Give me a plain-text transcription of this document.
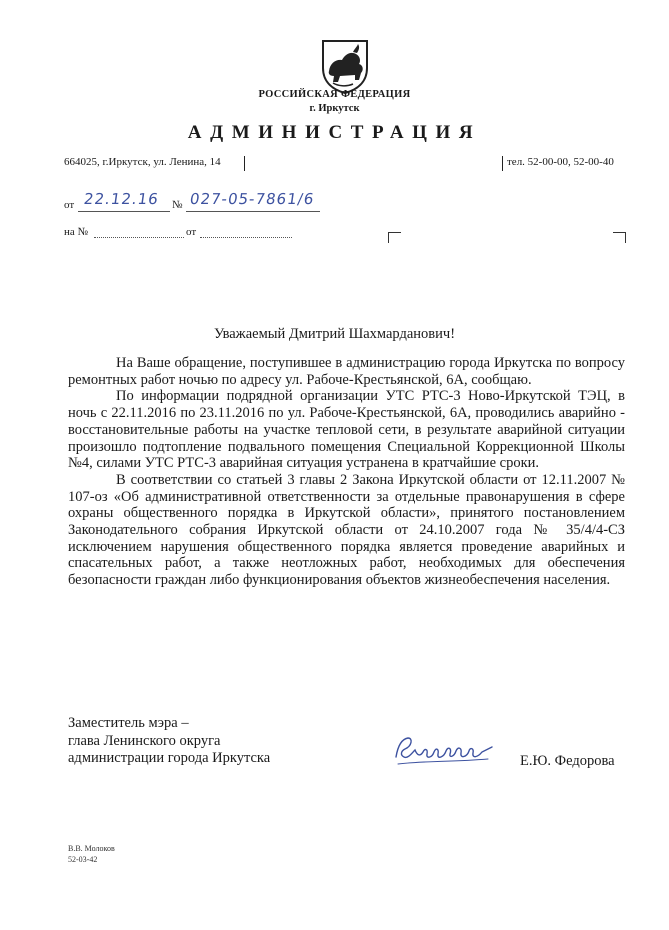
РОССИЙСКАЯ ФЕДЕРАЦИЯ
г. Иркутск
АДМИНИСТРАЦИЯ
664025, г.Иркутск, ул. Ленина, 14	тел. 52-00-00, 52-00-40
от 22.12.16 № 027-05-7861/6
на №	от
Уважаемый Дмитрий Шахмарданович!

На Ваше обращение, поступившее в администрацию города Иркутска по вопросу ремонтных работ ночью по адресу ул. Рабоче-Крестьянской, 6А, сообщаю.

По информации подрядной организации УТС РТС-3 Ново-Иркутской ТЭЦ, в ночь с 22.11.2016 по 23.11.2016 по ул. Рабоче-Крестьянской, 6А, проводились аварийно - восстановительные работы на участке тепловой сети, в результате аварийной ситуации произошло подтопление подвального помещения Специальной Коррекционной Школы №4, силами УТС РТС-3 аварийная ситуация устранена в кратчайшие сроки.

В соответствии со статьей 3 главы 2 Закона Иркутской области от 12.11.2007 № 107-оз «Об административной ответственности за отдельные правонарушения в сфере охраны общественного порядка в Иркутской области», принятого постановлением Законодательного собрания Иркутской области от 24.10.2007 года № 35/4/4-СЗ исключением нарушения общественного порядка является проведение аварийных и спасательных работ, а также неотложных работ, необходимых для обеспечения безопасности граждан либо функционирования объектов жизнеобеспечения населения.

Заместитель мэра –
глава Ленинского округа
администрации города Иркутска	Е.Ю. Федорова
В.В. Молоков
52-03-42
